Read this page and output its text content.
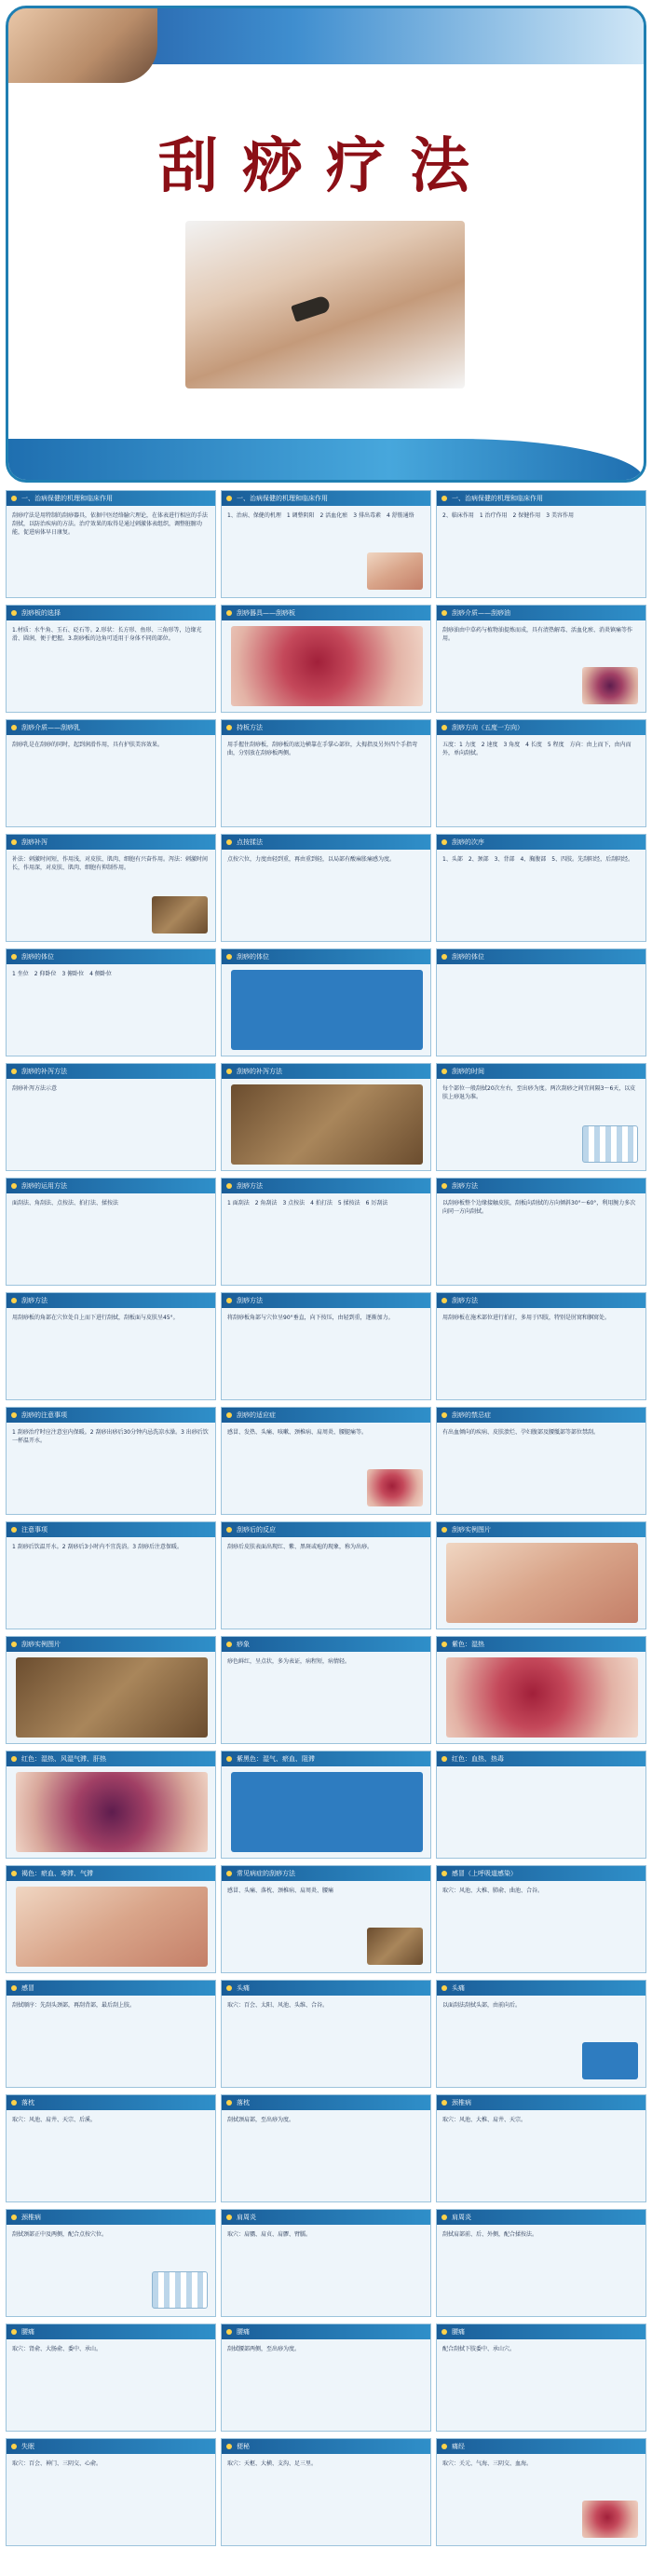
刮痧疗法
一、治病保健的机理和临床作用
刮痧疗法是用特制的刮痧器具，依据中医经络腧穴理论，在体表进行相应的手法刮拭，以防治疾病的方法。治疗效果的取得是通过刺激体表组织，调整脏腑功能，促进病体早日康复。
一、治病保健的机理和临床作用
1、治病、保健的机理　1 调整阴阳　2 活血化瘀　3 排出毒素　4 舒筋通络
一、治病保健的机理和临床作用
2、临床作用　1 治疗作用　2 保健作用　3 美容作用
刮痧板的选择
1.材质：水牛角、玉石、砭石等。2.形状：长方形、鱼形、三角形等，边缘光滑、圆润，便于把握。3.刮痧板的边角可适用于身体不同的部位。
刮痧器具——刮痧板	刮痧介质——刮痧油
刮痧油由中草药与植物油提炼而成，具有清热解毒、活血化瘀、消炎镇痛等作用。
刮痧介质——刮痧乳
刮痧乳是在刮痧的同时，起到润滑作用，具有护肤美容效果。
持板方法
用手握住刮痧板，刮痧板的底边横靠在手掌心部位，大拇指及另外四个手指弯曲，分别放在刮痧板两侧。
刮痧方向（五度一方向）
五度：1 力度　2 速度　3 角度　4 长度　5 程度　方向：由上而下，由内而外，单向刮拭。
刮痧补泻
补法：刺激时间短，作用浅，对皮肤、肌肉、细胞有兴奋作用。泻法：刺激时间长，作用深，对皮肤、肌肉、细胞有抑制作用。
点按揉法
点按穴位，力度由轻到重，再由重到轻，以局部有酸麻胀痛感为度。
刮痧的次序
1、头部　2、颈部　3、背部　4、胸腹部　5、四肢。先刮阳经，后刮阴经。
刮痧的体位
1 坐位　2 仰卧位　3 俯卧位　4 侧卧位
刮痧的体位	刮痧的体位
刮痧的补泻方法
刮痧补泻方法示意
刮痧的补泻方法	刮痧的时间
每个部位一般刮拭20次左右，至出痧为度。两次刮痧之间宜间隔3～6天，以皮肤上痧退为准。
刮痧的运用方法
面刮法、角刮法、点按法、拍打法、揉按法
刮痧方法
1 面刮法　2 角刮法　3 点按法　4 拍打法　5 揉按法　6 厉刮法
刮痧方法
以刮痧板整个边缘接触皮肤，刮板向刮拭的方向倾斜30°～60°，利用腕力多次向同一方向刮拭。
刮痧方法
用刮痧板的角部在穴位处自上而下进行刮拭，刮板面与皮肤呈45°。
刮痧方法
将刮痧板角部与穴位呈90°垂直，向下按压，由轻到重，逐渐加力。
刮痧方法
用刮痧板在施术部位进行拍打，多用于四肢，特别是肘窝和腘窝处。
刮痧的注意事项
1 刮痧治疗时应注意室内保暖。2 刮痧出痧后30分钟内忌洗凉水澡。3 出痧后饮一杯温开水。
刮痧的适应症
感冒、发热、头痛、咳嗽、颈椎病、肩周炎、腰腿痛等。
刮痧的禁忌症
有出血倾向的疾病、皮肤溃烂、孕妇腹部及腰骶部等部位禁刮。
注意事项
1 刮痧后饮温开水。2 刮痧后3小时内不宜洗浴。3 刮痧后注意保暖。
刮痧后的反应
刮痧后皮肤表面出现红、紫、黑斑或疱的现象，称为出痧。
刮痧实例图片
刮痧实例图片	痧象
痧色鲜红，呈点状，多为表证，病程短，病情轻。
紫色：湿热
红色：湿热、风湿气滞、肝热	紫黑色：湿气、瘀血、阻滞	红色：血热、热毒
褐色：瘀血、寒滞、气滞	常见病症的刮痧方法
感冒、头痛、落枕、颈椎病、肩周炎、腰痛
感冒（上呼吸道感染）
取穴：风池、大椎、肺俞、曲池、合谷。
感冒
刮拭顺序：先刮头颈部，再刮背部，最后刮上肢。
头痛
取穴：百会、太阳、风池、头维、合谷。
头痛
以面刮法刮拭头部，由前向后。
落枕
取穴：风池、肩井、天宗、后溪。
落枕
刮拭颈肩部，至出痧为度。
颈椎病
取穴：风池、大椎、肩井、天宗。
颈椎病
刮拭颈部正中及两侧，配合点按穴位。
肩周炎
取穴：肩髃、肩贞、肩髎、臂臑。
肩周炎
刮拭肩部前、后、外侧，配合揉按法。
腰痛
取穴：肾俞、大肠俞、委中、承山。
腰痛
刮拭腰部两侧，至出痧为度。
腰痛
配合刮拭下肢委中、承山穴。
失眠
取穴：百会、神门、三阴交、心俞。
便秘
取穴：天枢、大横、支沟、足三里。
痛经
取穴：关元、气海、三阴交、血海。
